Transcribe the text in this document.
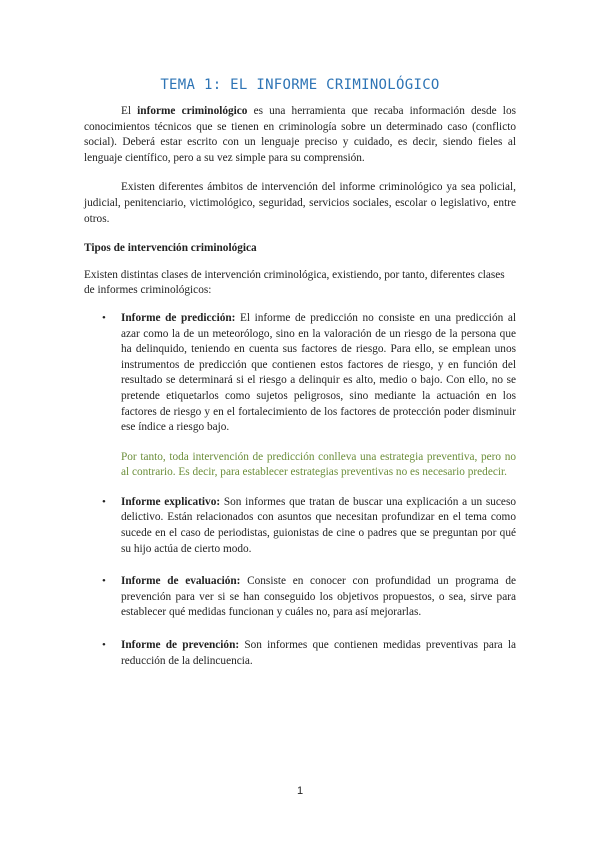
TEMA 1: EL INFORME CRIMINOLÓGICO

El informe criminológico es una herramienta que recaba información desde los conocimientos técnicos que se tienen en criminología sobre un determinado caso (conflicto social). Deberá estar escrito con un lenguaje preciso y cuidado, es decir, siendo fieles al lenguaje científico, pero a su vez simple para su comprensión.

Existen diferentes ámbitos de intervención del informe criminológico ya sea policial, judicial, penitenciario, victimológico, seguridad, servicios sociales, escolar o legislativo, entre otros.

Tipos de intervención criminológica

Existen distintas clases de intervención criminológica, existiendo, por tanto, diferentes clases de informes criminológicos:

• Informe de predicción: El informe de predicción no consiste en una predicción al azar como la de un meteorólogo, sino en la valoración de un riesgo de la persona que ha delinquido, teniendo en cuenta sus factores de riesgo. Para ello, se emplean unos instrumentos de predicción que contienen estos factores de riesgo, y en función del resultado se determinará si el riesgo a delinquir es alto, medio o bajo. Con ello, no se pretende etiquetarlos como sujetos peligrosos, sino mediante la actuación en los factores de riesgo y en el fortalecimiento de los factores de protección poder disminuir ese índice a riesgo bajo.

Por tanto, toda intervención de predicción conlleva una estrategia preventiva, pero no al contrario. Es decir, para establecer estrategias preventivas no es necesario predecir.

• Informe explicativo: Son informes que tratan de buscar una explicación a un suceso delictivo. Están relacionados con asuntos que necesitan profundizar en el tema como sucede en el caso de periodistas, guionistas de cine o padres que se preguntan por qué su hijo actúa de cierto modo.

• Informe de evaluación: Consiste en conocer con profundidad un programa de prevención para ver si se han conseguido los objetivos propuestos, o sea, sirve para establecer qué medidas funcionan y cuáles no, para así mejorarlas.

• Informe de prevención: Son informes que contienen medidas preventivas para la reducción de la delincuencia.

1
